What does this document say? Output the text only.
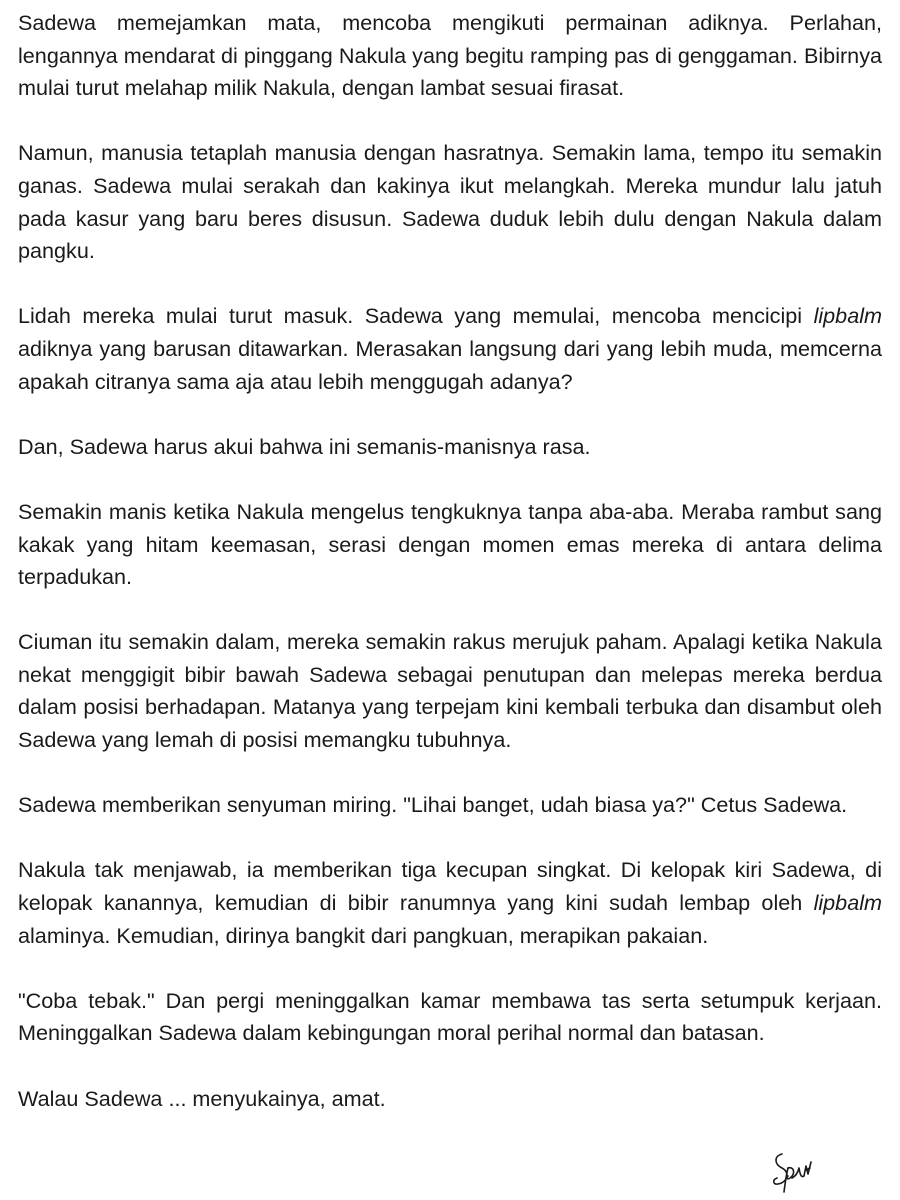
Sadewa memejamkan mata, mencoba mengikuti permainan adiknya. Perlahan, lengannya mendarat di pinggang Nakula yang begitu ramping pas di genggaman. Bibirnya mulai turut melahap milik Nakula, dengan lambat sesuai firasat.

Namun, manusia tetaplah manusia dengan hasratnya. Semakin lama, tempo itu semakin ganas. Sadewa mulai serakah dan kakinya ikut melangkah. Mereka mundur lalu jatuh pada kasur yang baru beres disusun. Sadewa duduk lebih dulu dengan Nakula dalam pangku.

Lidah mereka mulai turut masuk. Sadewa yang memulai, mencoba mencicipi lipbalm adiknya yang barusan ditawarkan. Merasakan langsung dari yang lebih muda, memcerna apakah citranya sama aja atau lebih menggugah adanya?

Dan, Sadewa harus akui bahwa ini semanis-manisnya rasa.

Semakin manis ketika Nakula mengelus tengkuknya tanpa aba-aba. Meraba rambut sang kakak yang hitam keemasan, serasi dengan momen emas mereka di antara delima terpadukan.

Ciuman itu semakin dalam, mereka semakin rakus merujuk paham. Apalagi ketika Nakula nekat menggigit bibir bawah Sadewa sebagai penutupan dan melepas mereka berdua dalam posisi berhadapan. Matanya yang terpejam kini kembali terbuka dan disambut oleh Sadewa yang lemah di posisi memangku tubuhnya.

Sadewa memberikan senyuman miring. "Lihai banget, udah biasa ya?" Cetus Sadewa.

Nakula tak menjawab, ia memberikan tiga kecupan singkat. Di kelopak kiri Sadewa, di kelopak kanannya, kemudian di bibir ranumnya yang kini sudah lembap oleh lipbalm alaminya. Kemudian, dirinya bangkit dari pangkuan, merapikan pakaian.

"Coba tebak." Dan pergi meninggalkan kamar membawa tas serta setumpuk kerjaan. Meninggalkan Sadewa dalam kebingungan moral perihal normal dan batasan.

Walau Sadewa ... menyukainya, amat.
